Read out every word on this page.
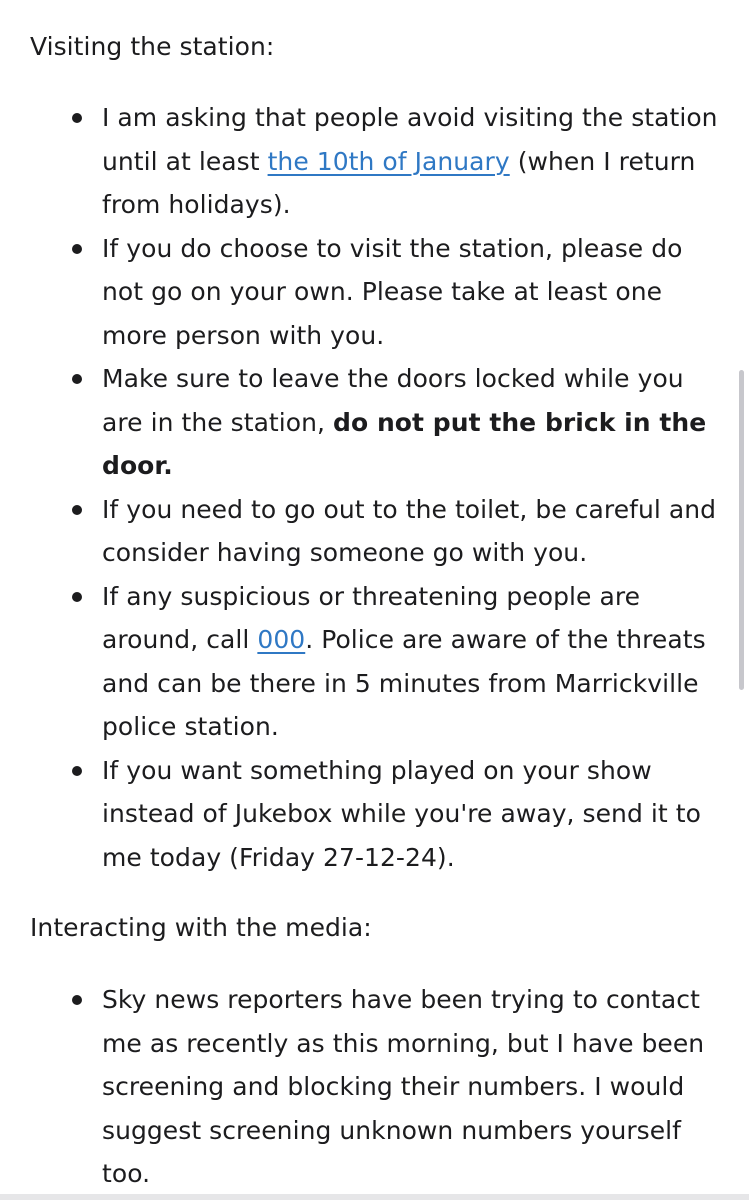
Visiting the station:

I am asking that people avoid visiting the station until at least the 10th of January (when I return from holidays).
If you do choose to visit the station, please do not go on your own. Please take at least one more person with you.
Make sure to leave the doors locked while you are in the station, do not put the brick in the door.
If you need to go out to the toilet, be careful and consider having someone go with you.
If any suspicious or threatening people are around, call 000. Police are aware of the threats and can be there in 5 minutes from Marrickville police station.
If you want something played on your show instead of Jukebox while you're away, send it to me today (Friday 27-12-24).

Interacting with the media:

Sky news reporters have been trying to contact me as recently as this morning, but I have been screening and blocking their numbers. I would suggest screening unknown numbers yourself too.
